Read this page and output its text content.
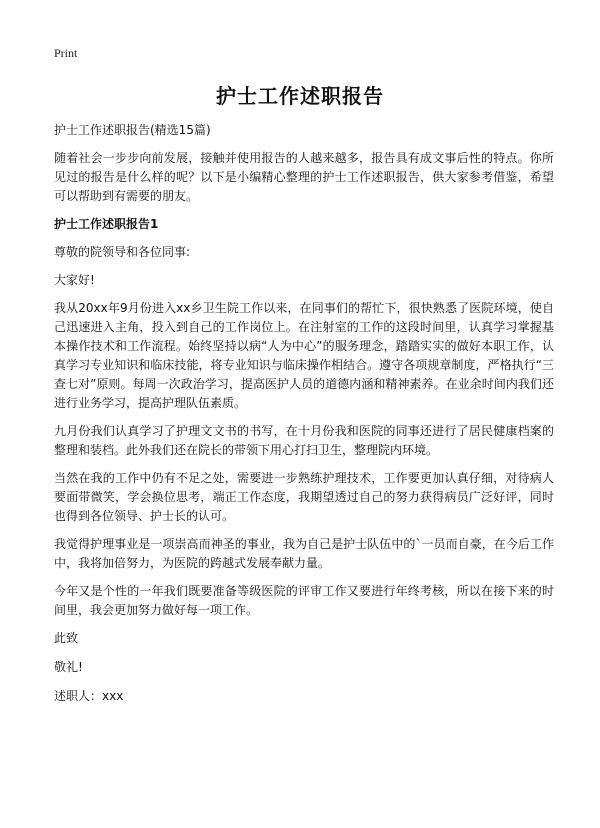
Print
护士工作述职报告

护士工作述职报告(精选15篇)

随着社会一步步向前发展，接触并使用报告的人越来越多，报告具有成文事后性的特点。你所见过的报告是什么样的呢？以下是小编精心整理的护士工作述职报告，供大家参考借鉴，希望可以帮助到有需要的朋友。

护士工作述职报告1

尊敬的院领导和各位同事:

大家好!

我从20xx年9月份进入xx乡卫生院工作以来，在同事们的帮忙下，很快熟悉了医院环境，使自己迅速进入主角，投入到自己的工作岗位上。在注射室的工作的这段时间里，认真学习掌握基本操作技术和工作流程。始终坚持以病“人为中心”的服务理念，踏踏实实的做好本职工作，认真学习专业知识和临床技能，将专业知识与临床操作相结合。遵守各项规章制度，严格执行“三查七对”原则。每周一次政治学习，提高医护人员的道德内涵和精神素养。在业余时间内我们还进行业务学习，提高护理队伍素质。

九月份我们认真学习了护理文文书的书写，在十月份我和医院的同事还进行了居民健康档案的整理和装档。此外我们还在院长的带领下用心打扫卫生，整理院内环境。

当然在我的工作中仍有不足之处，需要进一步熟练护理技术，工作要更加认真仔细，对待病人要面带微笑，学会换位思考，端正工作态度，我期望透过自己的努力获得病员广泛好评，同时也得到各位领导、护士长的认可。

我觉得护理事业是一项崇高而神圣的事业，我为自己是护士队伍中的`一员而自豪，在今后工作中，我将加倍努力，为医院的跨越式发展奉献力量。

今年又是个性的一年我们既要准备等级医院的评审工作又要进行年终考核，所以在接下来的时间里，我会更加努力做好每一项工作。

此致

敬礼!

述职人：xxx
